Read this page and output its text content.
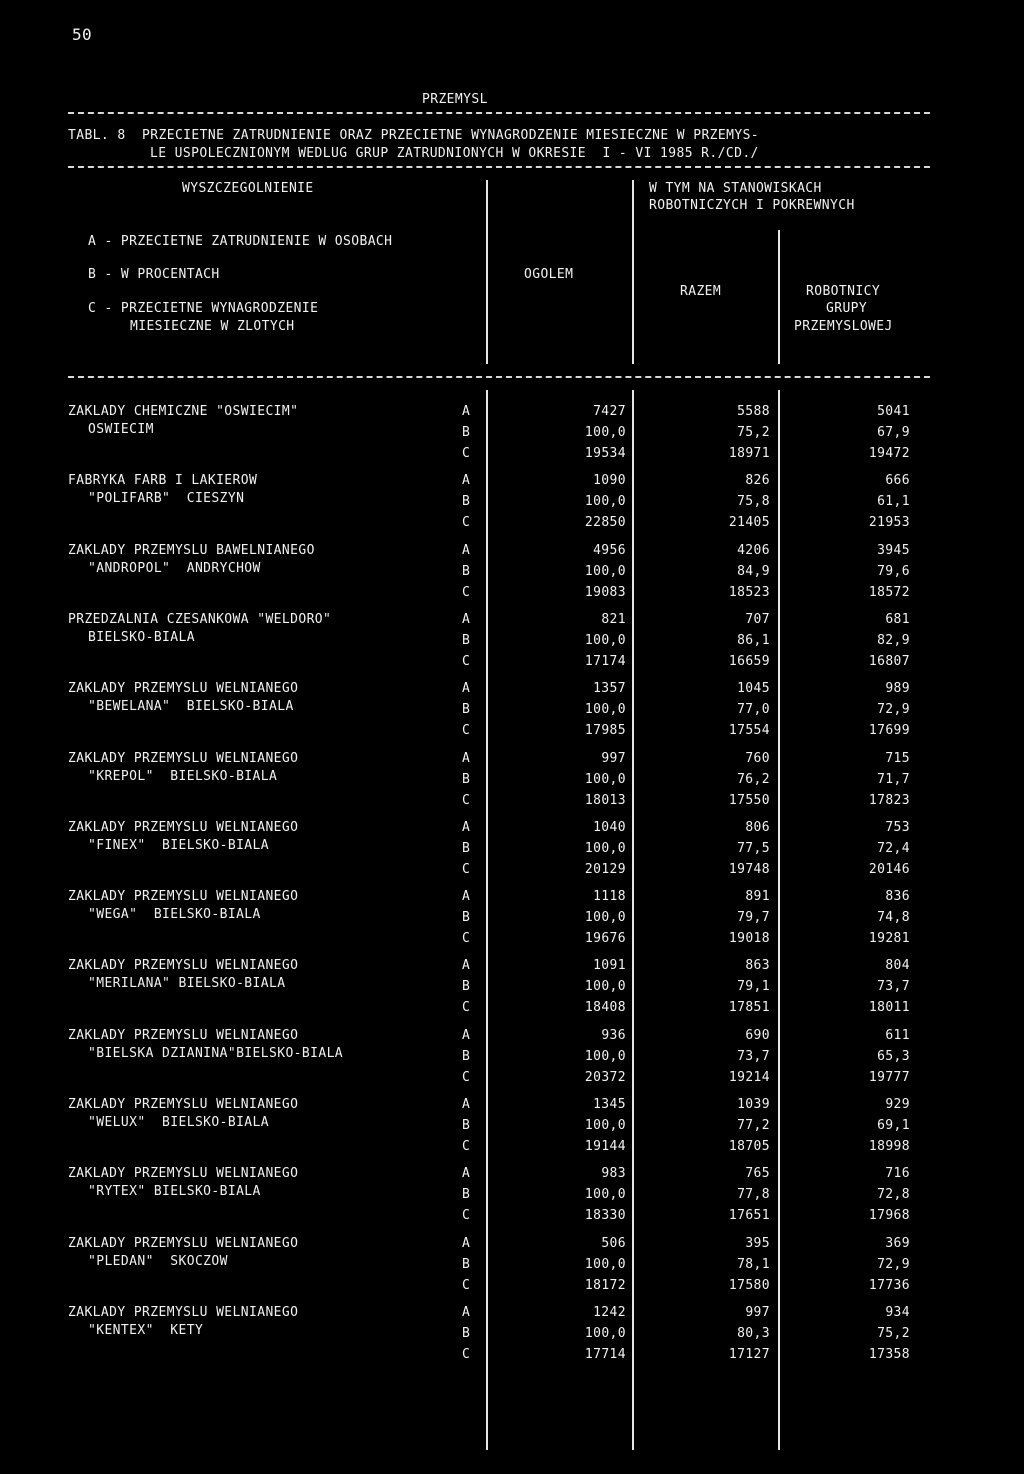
50
PRZEMYSL
TABL. 8  PRZECIETNE ZATRUDNIENIE ORAZ PRZECIETNE WYNAGRODZENIE MIESIECZNE W PRZEMYS-
LE USPOLECZNIONYM WEDLUG GRUP ZATRUDNIONYCH W OKRESIE  I - VI 1985 R./CD./
WYSZCZEGOLNIENIE
A - PRZECIETNE ZATRUDNIENIE W OSOBACH
B - W PROCENTACH
C - PRZECIETNE WYNAGRODZENIE
MIESIECZNE W ZLOTYCH
OGOLEM
W TYM NA STANOWISKACH
ROBOTNICZYCH I POKREWNYCH
RAZEM	ROBOTNICY
GRUPY
PRZEMYSLOWEJ
ZAKLADY CHEMICZNE "OSWIECIM"
OSWIECIM
A	7427	5588	5041
B	100,0	75,2	67,9
C	19534	18971	19472
FABRYKA FARB I LAKIEROW
"POLIFARB"  CIESZYN
A	1090	826	666
B	100,0	75,8	61,1
C	22850	21405	21953
ZAKLADY PRZEMYSLU BAWELNIANEGO
"ANDROPOL"  ANDRYCHOW
A	4956	4206	3945
B	100,0	84,9	79,6
C	19083	18523	18572
PRZEDZALNIA CZESANKOWA "WELDORO"
BIELSKO-BIALA
A	821	707	681
B	100,0	86,1	82,9
C	17174	16659	16807
ZAKLADY PRZEMYSLU WELNIANEGO
"BEWELANA"  BIELSKO-BIALA
A	1357	1045	989
B	100,0	77,0	72,9
C	17985	17554	17699
ZAKLADY PRZEMYSLU WELNIANEGO
"KREPOL"  BIELSKO-BIALA
A	997	760	715
B	100,0	76,2	71,7
C	18013	17550	17823
ZAKLADY PRZEMYSLU WELNIANEGO
"FINEX"  BIELSKO-BIALA
A	1040	806	753
B	100,0	77,5	72,4
C	20129	19748	20146
ZAKLADY PRZEMYSLU WELNIANEGO
"WEGA"  BIELSKO-BIALA
A	1118	891	836
B	100,0	79,7	74,8
C	19676	19018	19281
ZAKLADY PRZEMYSLU WELNIANEGO
"MERILANA" BIELSKO-BIALA
A	1091	863	804
B	100,0	79,1	73,7
C	18408	17851	18011
ZAKLADY PRZEMYSLU WELNIANEGO
"BIELSKA DZIANINA"BIELSKO-BIALA
A	936	690	611
B	100,0	73,7	65,3
C	20372	19214	19777
ZAKLADY PRZEMYSLU WELNIANEGO
"WELUX"  BIELSKO-BIALA
A	1345	1039	929
B	100,0	77,2	69,1
C	19144	18705	18998
ZAKLADY PRZEMYSLU WELNIANEGO
"RYTEX" BIELSKO-BIALA
A	983	765	716
B	100,0	77,8	72,8
C	18330	17651	17968
ZAKLADY PRZEMYSLU WELNIANEGO
"PLEDAN"  SKOCZOW
A	506	395	369
B	100,0	78,1	72,9
C	18172	17580	17736
ZAKLADY PRZEMYSLU WELNIANEGO
"KENTEX"  KETY
A	1242	997	934
B	100,0	80,3	75,2
C	17714	17127	17358
